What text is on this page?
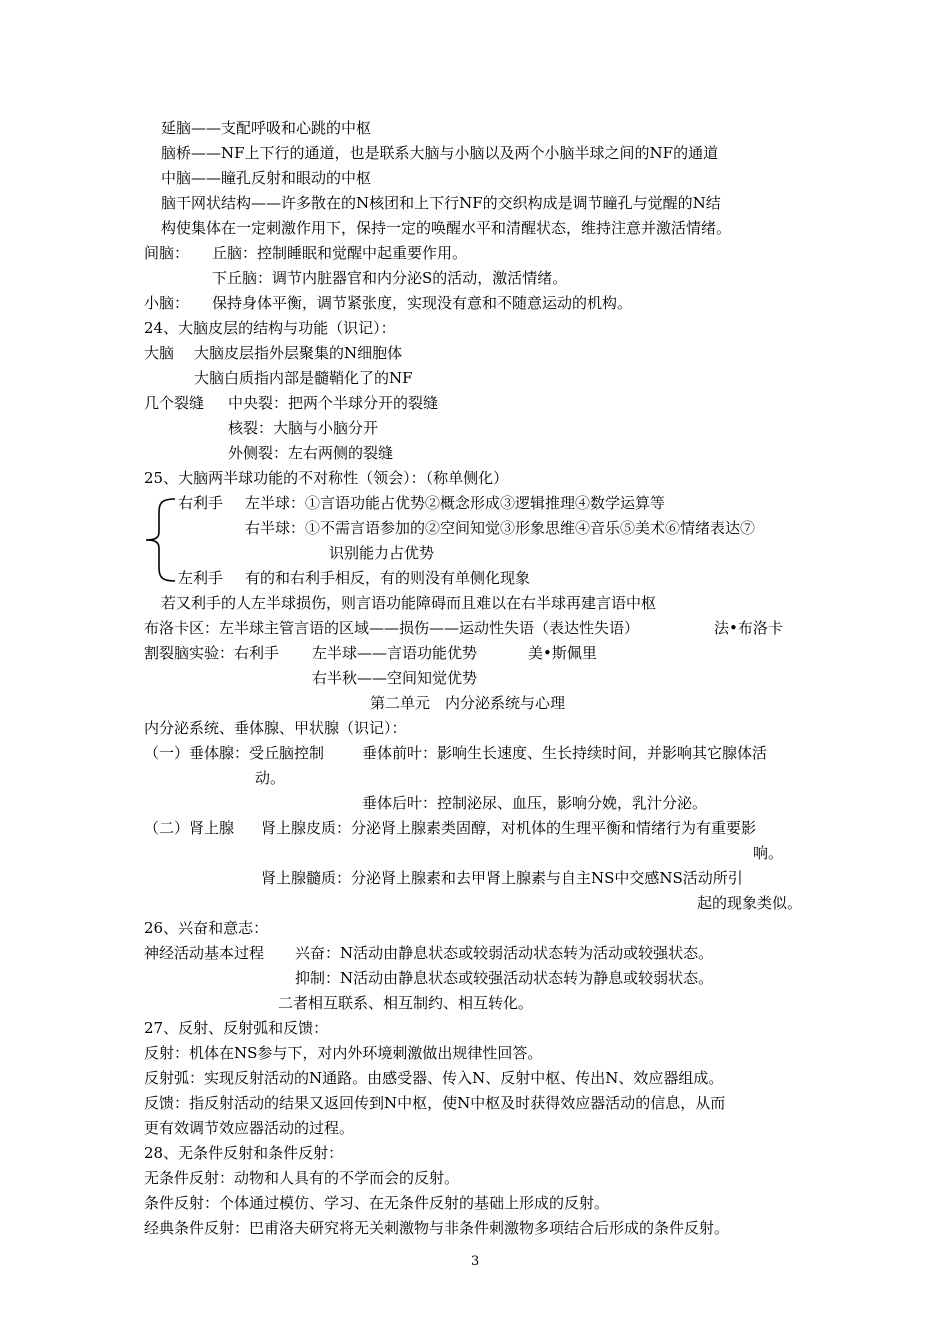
延脑——支配呼吸和心跳的中枢
脑桥——NF上下行的通道，也是联系大脑与小脑以及两个小脑半球之间的NF的通道
中脑——瞳孔反射和眼动的中枢
脑干网状结构——许多散在的N核团和上下行NF的交织构成是调节瞳孔与觉醒的N结
构使集体在一定刺激作用下，保持一定的唤醒水平和清醒状态，维持注意并激活情绪。
间脑： 丘脑：控制睡眠和觉醒中起重要作用。
下丘脑：调节内脏器官和内分泌S的活动，激活情绪。
小脑： 保持身体平衡，调节紧张度，实现没有意和不随意运动的机构。
24、大脑皮层的结构与功能（识记）：
大脑 大脑皮层指外层聚集的N细胞体
大脑白质指内部是髓鞘化了的NF
几个裂缝 中央裂：把两个半球分开的裂缝
核裂：大脑与小脑分开
外侧裂：左右两侧的裂缝
25、大脑两半球功能的不对称性（领会）：（称单侧化）
右利手 左半球：①言语功能占优势②概念形成③逻辑推理④数学运算等
右半球：①不需言语参加的②空间知觉③形象思维④音乐⑤美术⑥情绪表达⑦
识别能力占优势
左利手 有的和右利手相反，有的则没有单侧化现象
若又利手的人左半球损伤，则言语功能障碍而且难以在右半球再建言语中枢
布洛卡区：左半球主管言语的区域——损伤——运动性失语（表达性失语）	法•布洛卡
割裂脑实验：右利手 左半球——言语功能优势	美•斯佩里
右半秋——空间知觉优势
第二单元　内分泌系统与心理
内分泌系统、垂体腺、甲状腺（识记）：
（一）垂体腺：受丘脑控制	垂体前叶：影响生长速度、生长持续时间，并影响其它腺体活
动。
垂体后叶：控制泌尿、血压，影响分娩，乳汁分泌。
（二）肾上腺 肾上腺皮质：分泌肾上腺素类固醇，对机体的生理平衡和情绪行为有重要影
响。
肾上腺髓质：分泌肾上腺素和去甲肾上腺素与自主NS中交感NS活动所引
起的现象类似。
26、兴奋和意志：
神经活动基本过程 兴奋：N活动由静息状态或较弱活动状态转为活动或较强状态。
抑制：N活动由静息状态或较强活动状态转为静息或较弱状态。
二者相互联系、相互制约、相互转化。
27、反射、反射弧和反馈：
反射：机体在NS参与下，对内外环境刺激做出规律性回答。
反射弧：实现反射活动的N通路。由感受器、传入N、反射中枢、传出N、效应器组成。
反馈：指反射活动的结果又返回传到N中枢，使N中枢及时获得效应器活动的信息，从而
更有效调节效应器活动的过程。
28、无条件反射和条件反射：
无条件反射：动物和人具有的不学而会的反射。
条件反射：个体通过模仿、学习、在无条件反射的基础上形成的反射。
经典条件反射：巴甫洛夫研究将无关刺激物与非条件刺激物多项结合后形成的条件反射。
3
